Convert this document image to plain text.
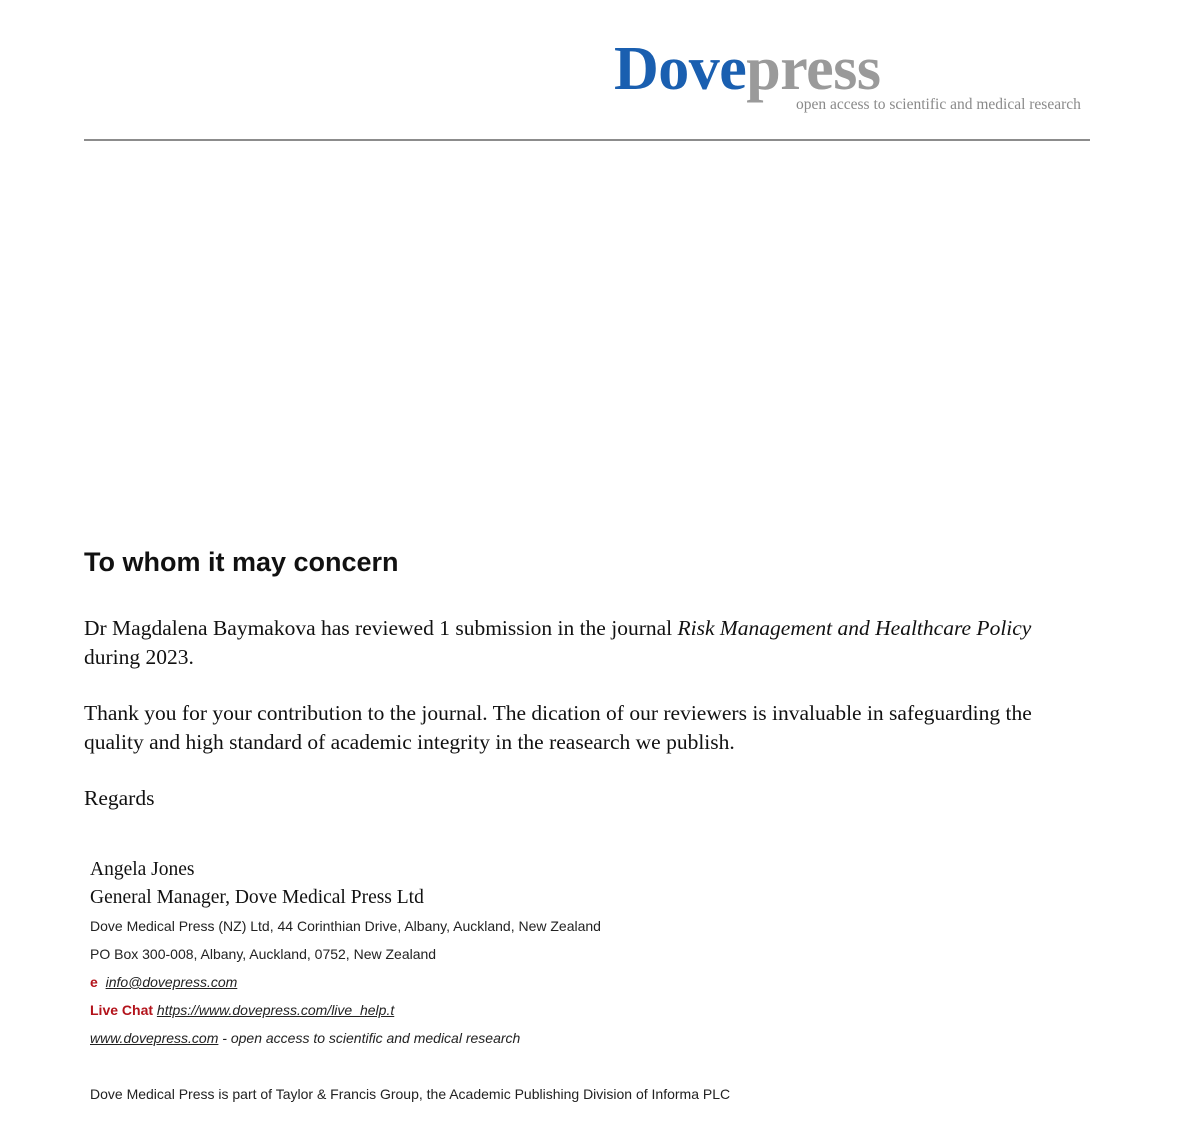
Dovepress
open access to scientific and medical research
To whom it may concern

Dr Magdalena Baymakova has reviewed 1 submission in the journal Risk Management and Healthcare Policy during 2023.

Thank you for your contribution to the journal. The dication of our reviewers is invaluable in safeguarding the quality and high standard of academic integrity in the reasearch we publish.

Regards

Angela Jones
General Manager, Dove Medical Press Ltd
Dove Medical Press (NZ) Ltd, 44 Corinthian Drive, Albany, Auckland, New Zealand
PO Box 300-008, Albany, Auckland, 0752, New Zealand
e info@dovepress.com
Live Chat https://www.dovepress.com/live_help.t
www.dovepress.com - open access to scientific and medical research
Dove Medical Press is part of Taylor & Francis Group, the Academic Publishing Division of Informa PLC
